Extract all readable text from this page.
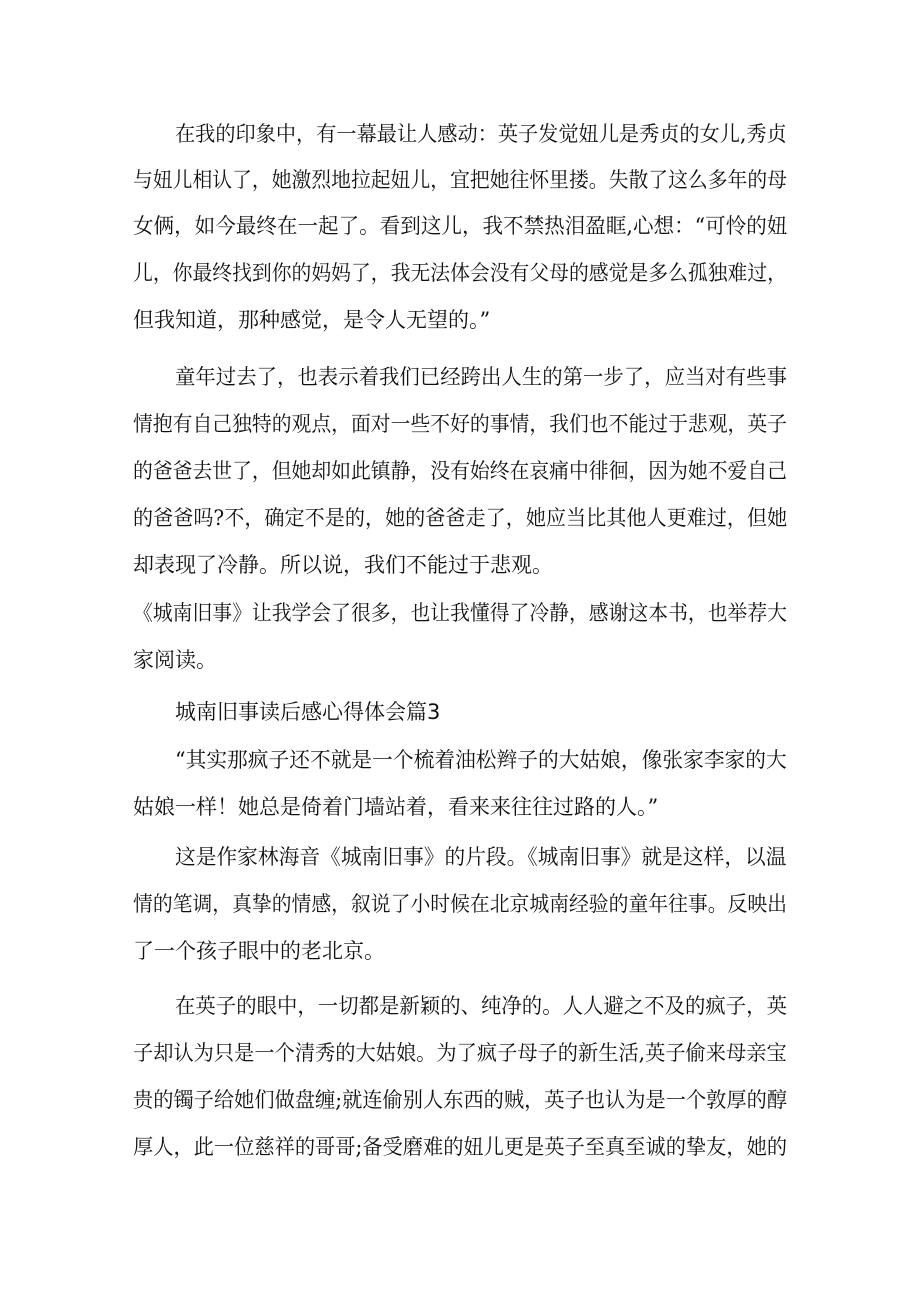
在我的印象中，有一幕最让人感动：英子发觉妞儿是秀贞的女儿,秀贞

与妞儿相认了，她激烈地拉起妞儿，宜把她往怀里搂。失散了这么多年的母

女俩，如今最终在一起了。看到这儿，我不禁热泪盈眶,心想：“可怜的妞

儿，你最终找到你的妈妈了，我无法体会没有父母的感觉是多么孤独难过，

但我知道，那种感觉，是令人无望的。”

童年过去了，也表示着我们已经跨出人生的第一步了，应当对有些事

情抱有自己独特的观点，面对一些不好的事情，我们也不能过于悲观，英子

的爸爸去世了，但她却如此镇静，没有始终在哀痛中徘徊，因为她不爱自己

的爸爸吗?不，确定不是的，她的爸爸走了，她应当比其他人更难过，但她

却表现了冷静。所以说，我们不能过于悲观。

《城南旧事》让我学会了很多，也让我懂得了冷静，感谢这本书，也举荐大

家阅读。

城南旧事读后感心得体会篇3

“其实那疯子还不就是一个梳着油松辫子的大姑娘，像张家李家的大

姑娘一样！她总是倚着门墙站着，看来来往往过路的人。”

这是作家林海音《城南旧事》的片段。《城南旧事》就是这样，以温

情的笔调，真挚的情感，叙说了小时候在北京城南经验的童年往事。反映出

了一个孩子眼中的老北京。

在英子的眼中，一切都是新颖的、纯净的。人人避之不及的疯子，英

子却认为只是一个清秀的大姑娘。为了疯子母子的新生活,英子偷来母亲宝

贵的镯子给她们做盘缠;就连偷别人东西的贼，英子也认为是一个敦厚的醇

厚人，此一位慈祥的哥哥;备受磨难的妞儿更是英子至真至诚的挚友，她的
